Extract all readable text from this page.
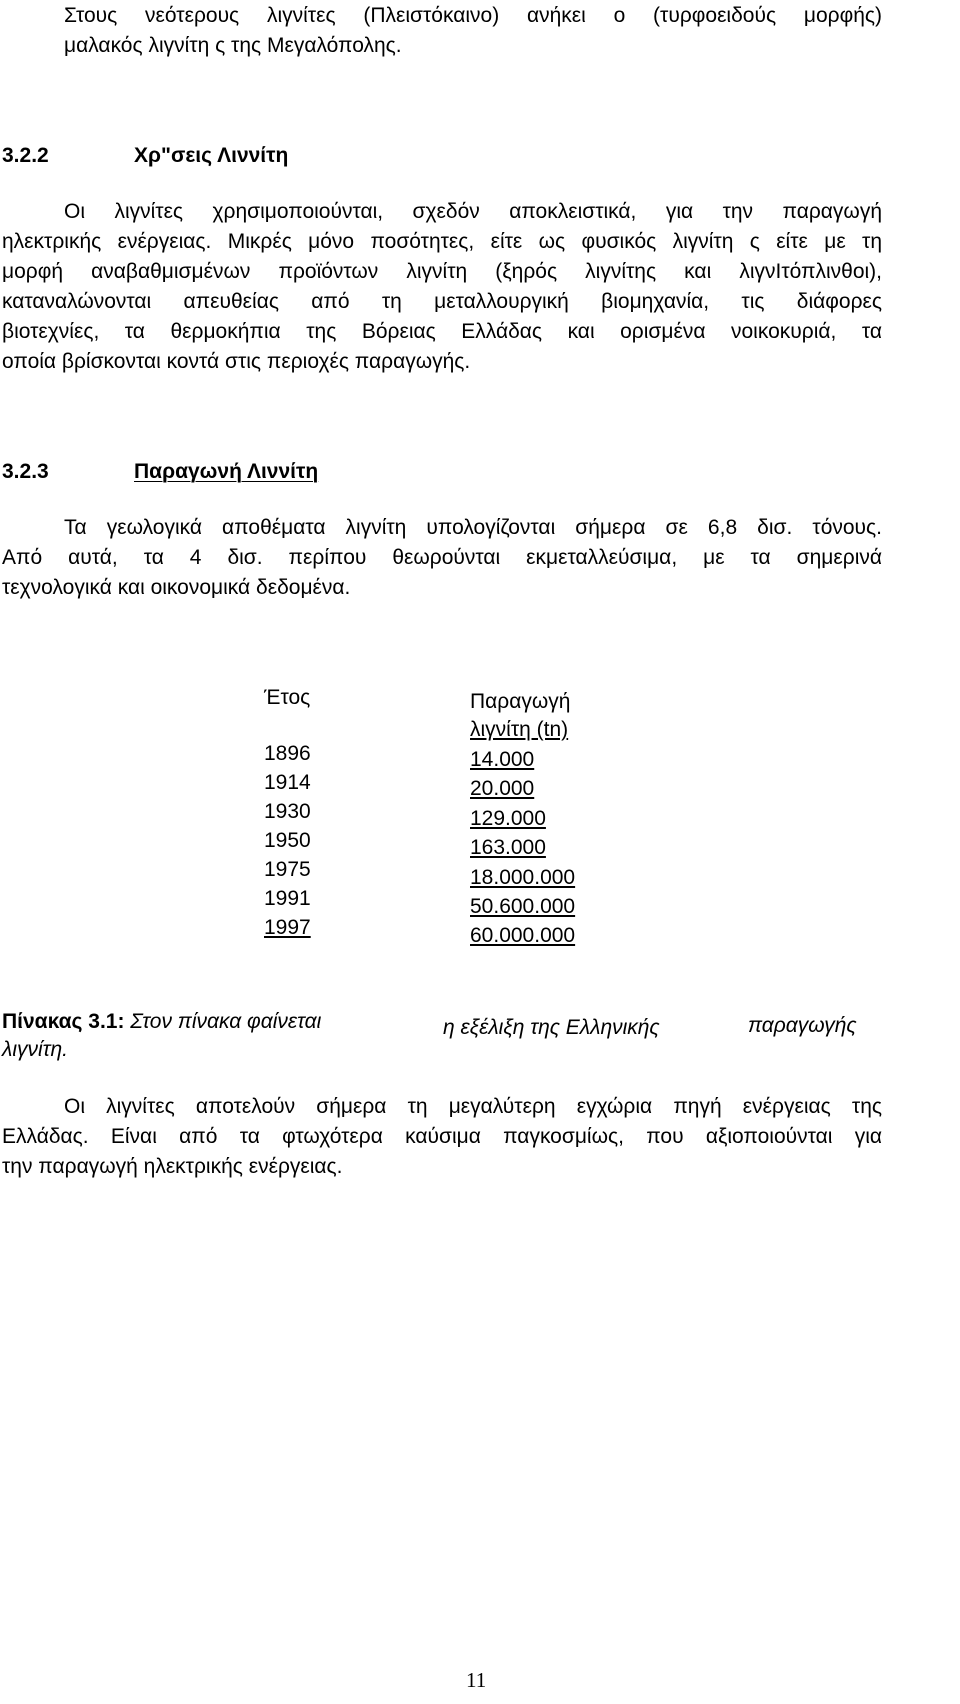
Στους νεότερους λιγνίτες (Πλειστόκαινο) ανήκει ο (τυρφοειδούς μορφής)
μαλακός λιγνίτη ς της Μεγαλόπολης.
3.2.2	Χρ"σεις Λιννίτη
Οι λιγνίτες χρησιμοποιούνται, σχεδόν αποκλειστικά, για την παραγωγή
ηλεκτρικής ενέργειας. Μικρές μόνο ποσότητες, είτε ως φυσικός λιγνίτη ς είτε με τη
μορφή αναβαθμισμένων προϊόντων λιγνίτη (ξηρός λιγνίτης και λιγνΙτόπλινθοι),
καταναλώνονται απευθείας από τη μεταλλουργική βιομηχανία, τις διάφορες
βιοτεχνίες, τα θερμοκήπια της Βόρειας Ελλάδας και ορισμένα νοικοκυριά, τα
οποία βρίσκονται κοντά στις περιοχές παραγωγής.
3.2.3	Παραγωνή Λιννίτη
Τα γεωλογικά αποθέματα λιγνίτη υπολογίζονται σήμερα σε 6,8 δισ. τόνους.
Από αυτά, τα 4 δισ. περίπου θεωρούνται εκμεταλλεύσιμα, με τα σημερινά
τεχνολογικά και οικονομικά δεδομένα.
Έτος	Παραγωγή
λιγνίτη (tn)
1896	14.000
1914	20.000
1930	129.000
1950	163.000
1975	18.000.000
1991	50.600.000
1997	60.000.000
Πίνακας 3.1: Στον πίνακα φαίνεται	η εξέλιξη της Ελληνικής	παραγωγής
λιγνίτη.
Οι λιγνίτες αποτελούν σήμερα τη μεγαλύτερη εγχώρια πηγή ενέργειας της
Ελλάδας. Είναι από τα φτωχότερα καύσιμα παγκοσμίως, που αξιοποιούνται για
την παραγωγή ηλεκτρικής ενέργειας.
11
